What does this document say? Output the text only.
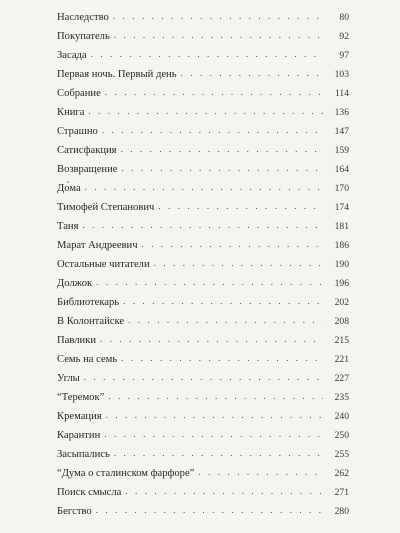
Наследство . . .	80
Покупатель . . .	92
Засада . . .	97
Первая ночь. Первый день . . .	103
Собрание . . .	114
Книга . . .	136
Страшно . . .	147
Сатисфакция . . .	159
Возвращение . . .	164
До́ма . . .	170
Тимофей Степанович . . .	174
Таня . . .	181
Марат Андреевич . . .	186
Остальные читатели . . .	190
Должок . . .	196
Библиотекарь . . .	202
В Колонтайске . . .	208
Павлики . . .	215
Семь на семь . . .	221
Углы . . .	227
“Теремок” . . .	235
Кремация . . .	240
Карантин . . .	250
Засыпались . . .	255
“Дума о сталинском фарфоре” . . .	262
Поиск смысла . . .	271
Бегство . . .	280
